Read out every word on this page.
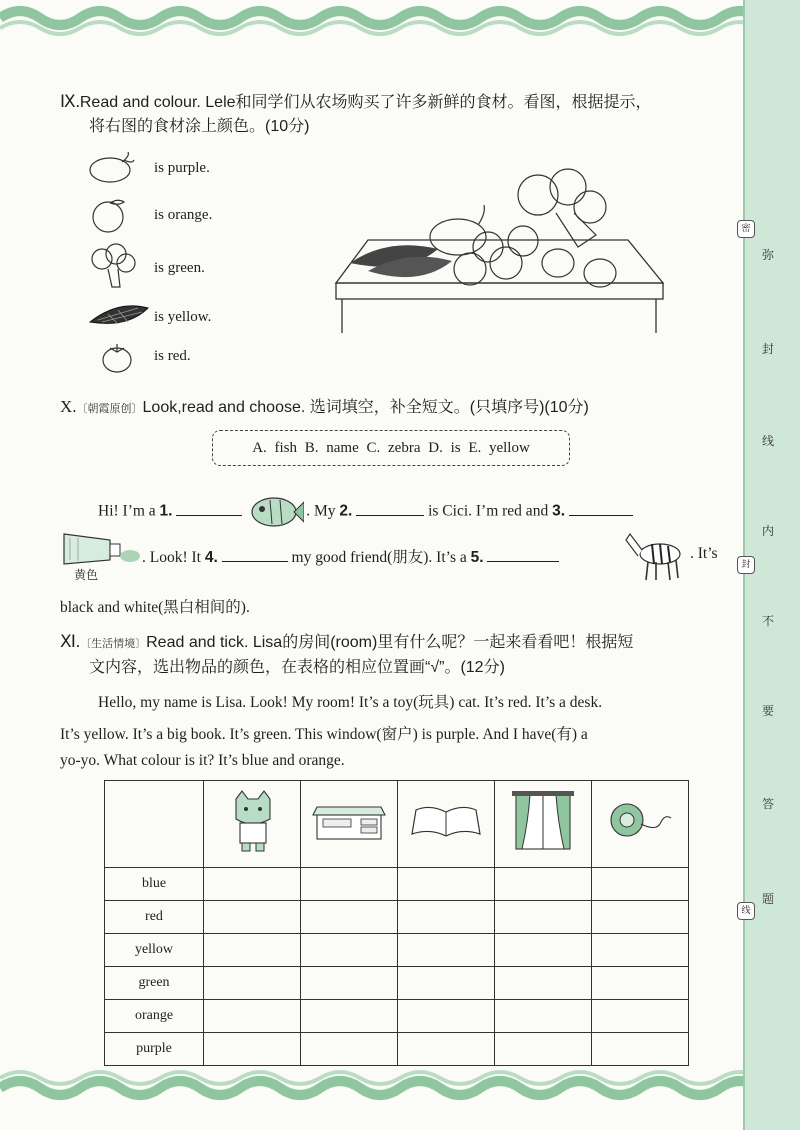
密
弥
封
线
内
封
不
要
答
题
线
Ⅸ.Read and colour. Lele和同学们从农场购买了许多新鲜的食材。看图，根据提示，
将右图的食材涂上颜色。(10分)
is purple.
is orange.
is green.
is yellow.
is red.
X.〔朝霞原创〕Look,read and choose. 选词填空，补全短文。(只填序号)(10分)
A. fish B. name C. zebra D. is E. yellow
Hi! I’m a 1.	. My 2.	is Cici. I’m red and 3.
黄色
. Look! It 4.	my good friend(朋友). It’s a 5.	. It’s
black and white(黑白相间的).
Ⅺ.〔生活情境〕Read and tick. Lisa的房间(room)里有什么呢？一起来看看吧！根据短
文内容，选出物品的颜色，在表格的相应位置画“√”。(12分)
Hello, my name is Lisa. Look! My room! It’s a toy(玩具) cat. It’s red. It’s a desk.
It’s yellow. It’s a big book. It’s green. This window(窗户) is purple. And I have(有) a
yo-yo. What colour is it? It’s blue and orange.

blue					
red					
yellow					
green					
orange					
purple					
